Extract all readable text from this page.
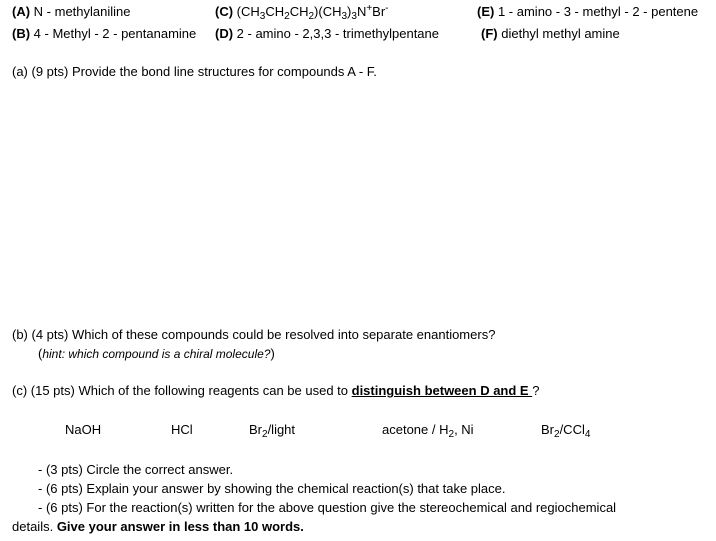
(A) N - methylaniline	(C) $(CH_3CH_2CH_2)(CH_3)_3N^+Br^-$	(E) 1 - amino - 3 - methyl - 2 - pentene
(B) 4 - Methyl - 2 - pentanamine (D) 2 - amino - 2,3,3 - trimethylpentane	(F) diethyl methyl amine
(a) (9 pts) Provide the bond line structures for compounds A - F.
(b) (4 pts) Which of these compounds could be resolved into separate enantiomers?
(hint: which compound is a chiral molecule?)
(c) (15 pts) Which of the following reagents can be used to distinguish between D and E ?
NaOH	HCl	$Br_2$/light	acetone / $H_2$, Ni	$Br_2/CCl_4$
- (3 pts) Circle the correct answer.
- (6 pts) Explain your answer by showing the chemical reaction(s) that take place.
- (6 pts) For the reaction(s) written for the above question give the stereochemical and regiochemical
details. Give your answer in less than 10 words.
